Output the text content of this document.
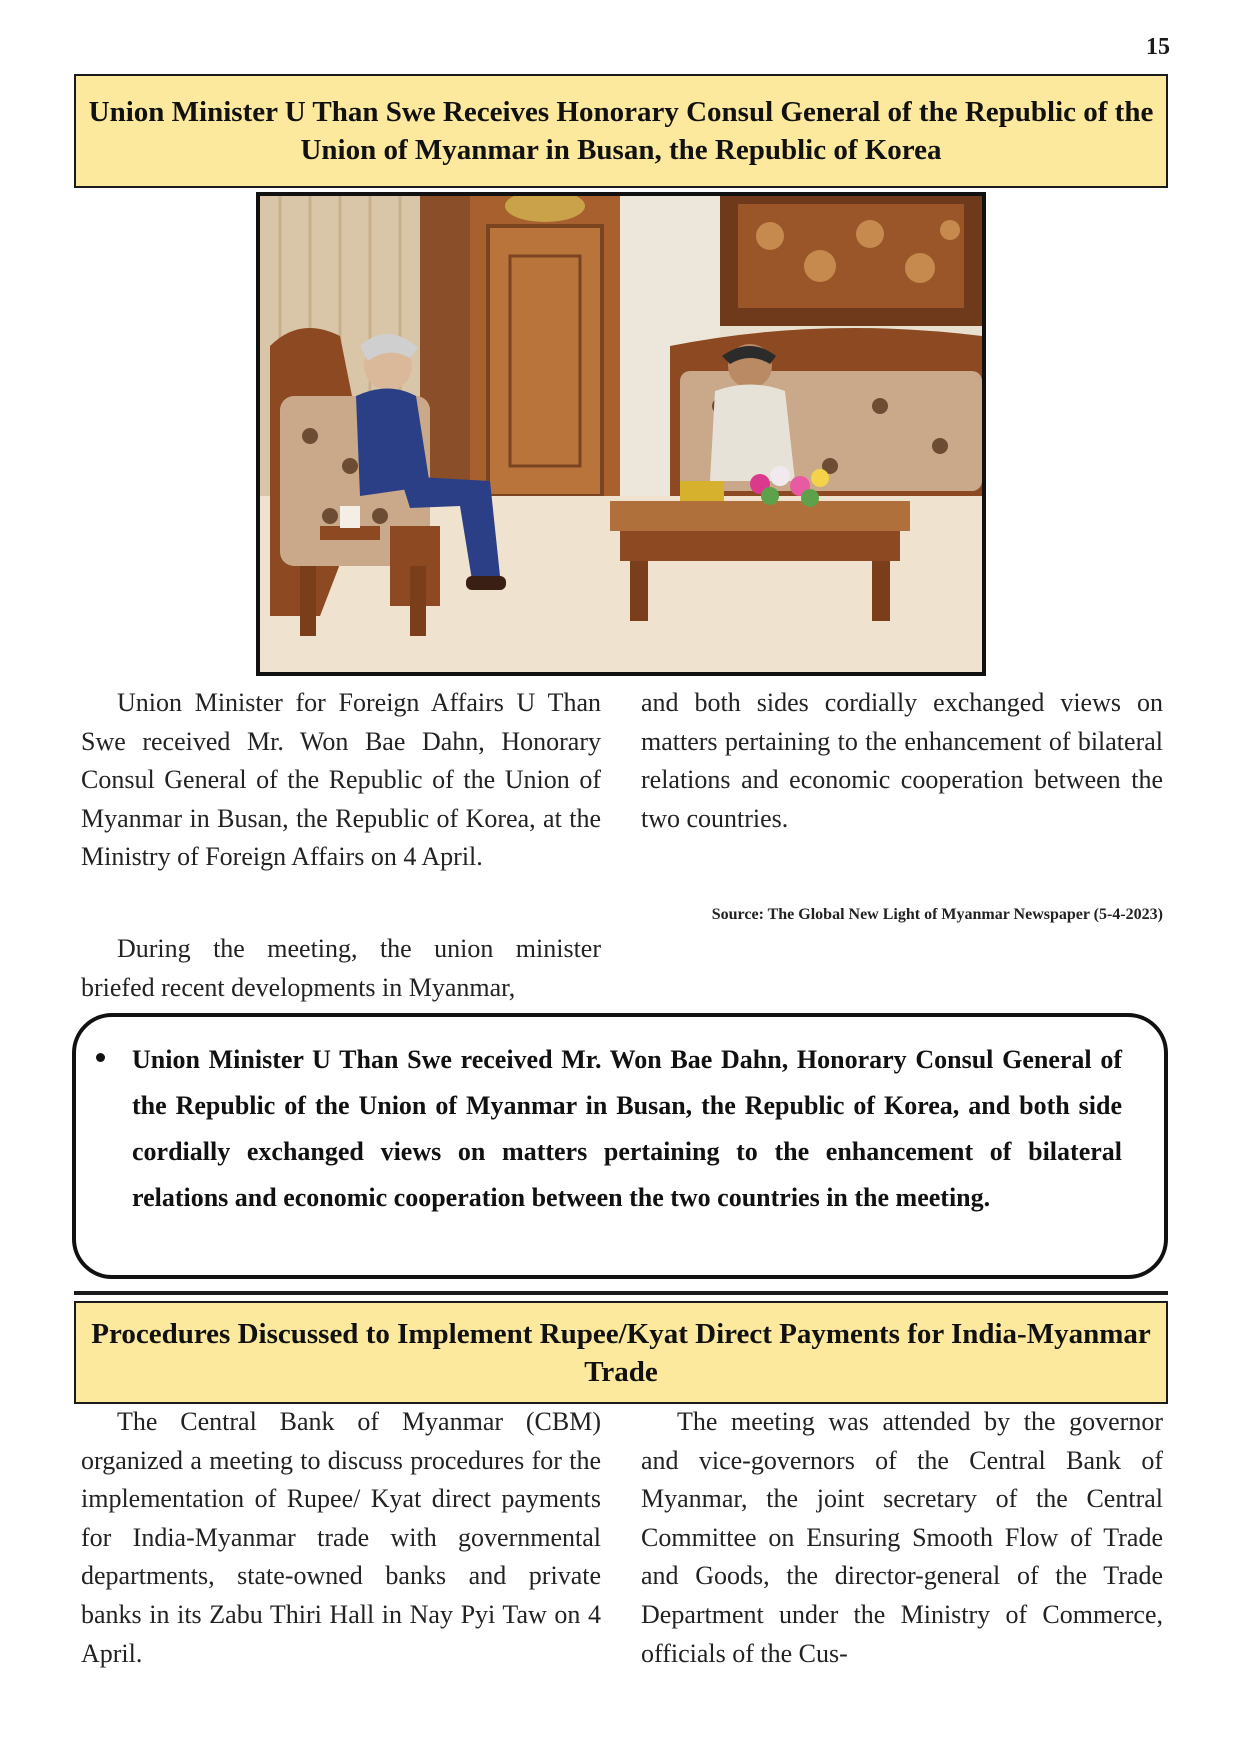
15
Union Minister U Than Swe Receives Honorary Consul General of the Republic of the Union of Myanmar in Busan, the Republic of Korea

Union Minister for Foreign Affairs U Than Swe received Mr. Won Bae Dahn, Honorary Consul General of the Republic of the Union of Myanmar in Busan, the Republic of Korea, at the Ministry of Foreign Affairs on 4 April.

During the meeting, the union minister briefed recent developments in Myanmar,

and both sides cordially exchanged views on matters pertaining to the enhancement of bilateral relations and economic cooperation between the two countries.

Source: The Global New Light of Myanmar Newspaper (5-4-2023)
Union Minister U Than Swe received Mr. Won Bae Dahn, Honorary Consul General of the Republic of the Union of Myanmar in Busan, the Republic of Korea, and both side cordially exchanged views on matters pertaining to the enhancement of bilateral relations and economic cooperation between the two countries in the meeting.
Procedures Discussed to Implement Rupee/Kyat Direct Payments for India-Myanmar Trade

The Central Bank of Myanmar (CBM) organized a meeting to discuss procedures for the implementation of Rupee/ Kyat direct payments for India-Myanmar trade with governmental departments, state-owned banks and private banks in its Zabu Thiri Hall in Nay Pyi Taw on 4 April.

The meeting was attended by the governor and vice-governors of the Central Bank of Myanmar, the joint secretary of the Central Committee on Ensuring Smooth Flow of Trade and Goods, the director-general of the Trade Department under the Ministry of Commerce, officials of the Cus-
